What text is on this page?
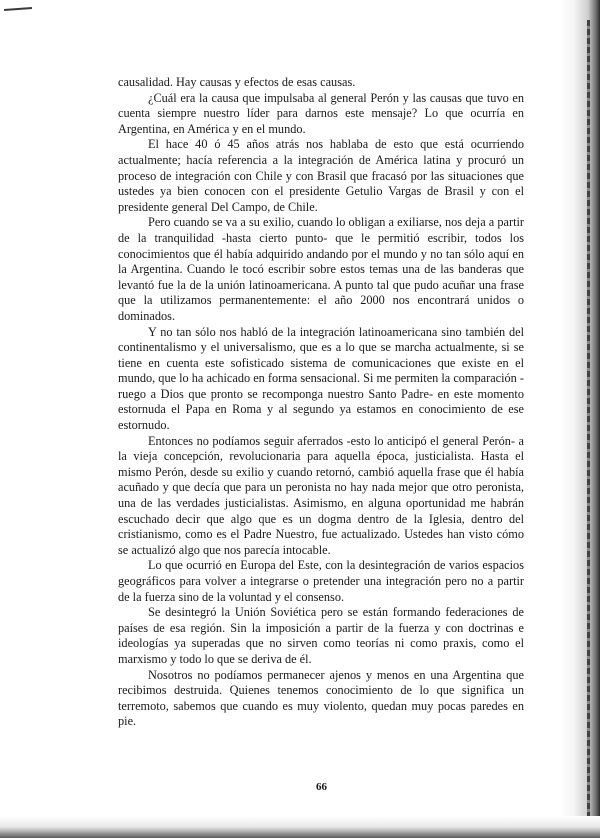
causalidad. Hay causas y efectos de esas causas.

¿Cuál era la causa que impulsaba al general Perón y las causas que tuvo en cuenta siempre nuestro líder para darnos este mensaje? Lo que ocurría en Argentina, en América y en el mundo.

El hace 40 ó 45 años atrás nos hablaba de esto que está ocurriendo actualmente; hacía referencia a la integración de América latina y procuró un proceso de integración con Chile y con Brasil que fracasó por las situaciones que ustedes ya bien conocen con el presidente Getulio Vargas de Brasil y con el presidente general Del Campo, de Chile.

Pero cuando se va a su exilio, cuando lo obligan a exiliarse, nos deja a partir de la tranquilidad -hasta cierto punto- que le permitió escribir, todos los conocimientos que él había adquirido andando por el mundo y no tan sólo aquí en la Argentina. Cuando le tocó escribir sobre estos temas una de las banderas que levantó fue la de la unión latinoamericana. A punto tal que pudo acuñar una frase que la utilizamos permanentemente: el año 2000 nos encontrará unidos o dominados.

Y no tan sólo nos habló de la integración latinoamericana sino también del continentalismo y el universalismo, que es a lo que se marcha actualmente, si se tiene en cuenta este sofisticado sistema de comunicaciones que existe en el mundo, que lo ha achicado en forma sensacional. Si me permiten la comparación -ruego a Dios que pronto se recomponga nuestro Santo Padre- en este momento estornuda el Papa en Roma y al segundo ya estamos en conocimiento de ese estornudo.

Entonces no podíamos seguir aferrados -esto lo anticipó el general Perón- a la vieja concepción, revolucionaria para aquella época, justicialista. Hasta el mismo Perón, desde su exilio y cuando retornó, cambió aquella frase que él había acuñado y que decía que para un peronista no hay nada mejor que otro peronista, una de las verdades justicialistas. Asimismo, en alguna oportunidad me habrán escuchado decir que algo que es un dogma dentro de la Iglesia, dentro del cristianismo, como es el Padre Nuestro, fue actualizado. Ustedes han visto cómo se actualizó algo que nos parecía intocable.

Lo que ocurrió en Europa del Este, con la desintegración de varios espacios geográficos para volver a integrarse o pretender una integración pero no a partir de la fuerza sino de la voluntad y el consenso.

Se desintegró la Unión Soviética pero se están formando federaciones de países de esa región. Sin la imposición a partir de la fuerza y con doctrinas e ideologías ya superadas que no sirven como teorías ni como praxis, como el marxismo y todo lo que se deriva de él.

Nosotros no podíamos permanecer ajenos y menos en una Argentina que recibimos destruida. Quienes tenemos conocimiento de lo que significa un terremoto, sabemos que cuando es muy violento, quedan muy pocas paredes en pie.

66
